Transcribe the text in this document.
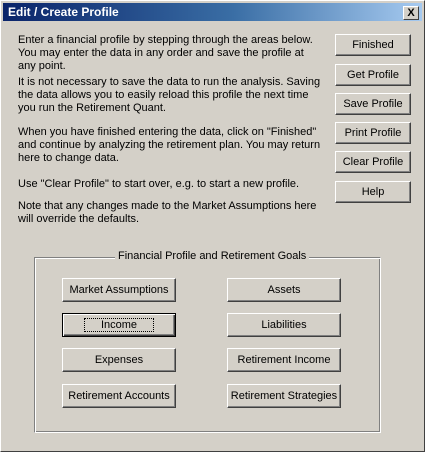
Edit / Create Profile	X

Enter a financial profile by stepping through the areas below. You may enter the data in any order and save the profile at any point.

It is not necessary to save the data to run the analysis. Saving the data allows you to easily reload this profile the next time you run the Retirement Quant.

When you have finished entering the data, click on "Finished" and continue by analyzing the retirement plan. You may return here to change data.

Use "Clear Profile" to start over, e.g. to start a new profile.

Note that any changes made to the Market Assumptions here will override the defaults.

Finished
Get Profile
Save Profile
Print Profile
Clear Profile
Help
Financial Profile and Retirement Goals
Market Assumptions	Assets
Income	Liabilities
Expenses	Retirement Income
Retirement Accounts	Retirement Strategies
